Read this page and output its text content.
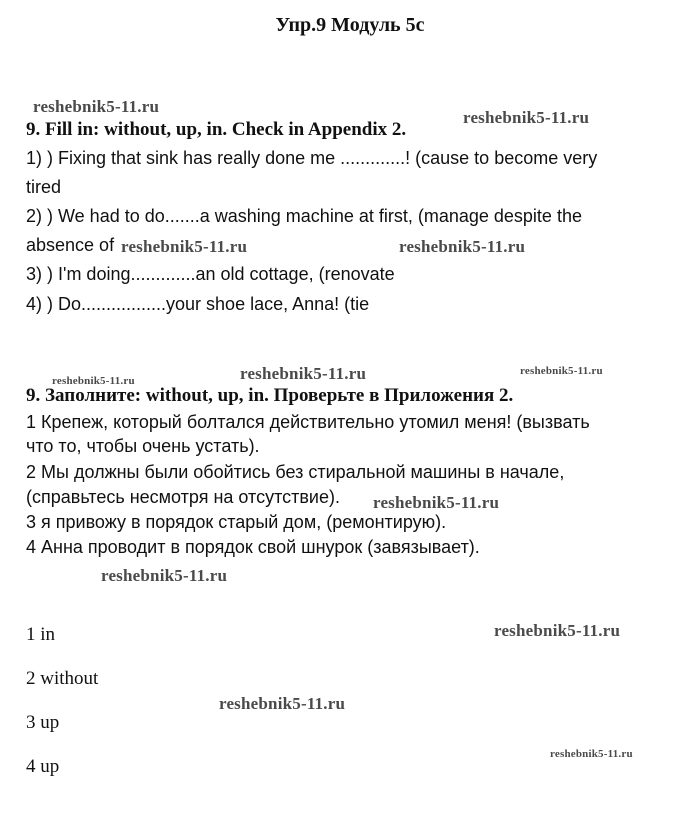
Упр.9 Модуль 5c
9. Fill in: without, up, in. Check in Appendix 2.
1) ) Fixing that sink has really done me .............! (cause to become very
tired
2) ) We had to do.......a washing machine at first, (manage despite the
absence of
3) ) I'm doing.............an old cottage, (renovate
4) ) Do.................your shoe lace, Anna! (tie
9. Заполните: without, up, in. Проверьте в Приложения 2.
1 Крепеж, который болтался действительно утомил меня! (вызвать
что то, чтобы очень устать).
2 Мы должны были обойтись без стиральной машины в начале,
(справьтесь несмотря на отсутствие).
3 я привожу в порядок старый дом, (ремонтирую).
4 Анна проводит в порядок свой шнурок (завязывает).
1 in
2 without
3 up
4 up
reshebnik5-11.ru
reshebnik5-11.ru
reshebnik5-11.ru	reshebnik5-11.ru
reshebnik5-11.ru	reshebnik5-11.ru	reshebnik5-11.ru
reshebnik5-11.ru
reshebnik5-11.ru
reshebnik5-11.ru
reshebnik5-11.ru
reshebnik5-11.ru
